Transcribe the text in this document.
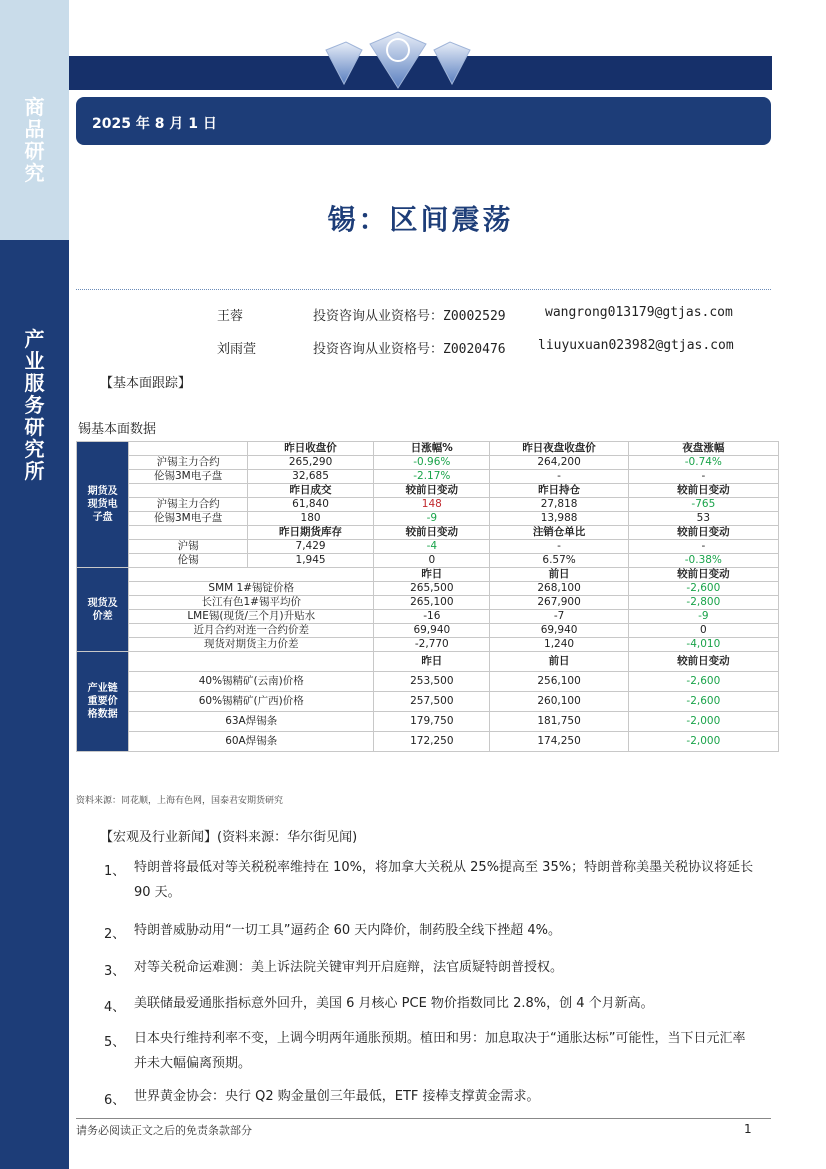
商
品
研
究
产
业
服
务
研
究
所
2025 年 8 月 1 日
锡：区间震荡
王蓉	投资咨询从业资格号：Z0002529	wangrong013179@gtjas.com
刘雨萱	投资咨询从业资格号：Z0020476 liuyuxuan023982@gtjas.com
【基本面跟踪】
锡基本面数据
期货及现货电子盘		昨日收盘价	日涨幅%	昨日夜盘收盘价	夜盘涨幅
	沪锡主力合约	265,290	-0.96%	264,200	-0.74%
	伦锡3M电子盘	32,685	-2.17%	-	-
		昨日成交	较前日变动	昨日持仓	较前日变动
	沪锡主力合约	61,840	148	27,818	-765
	伦锡3M电子盘	180	-9	13,988	53
		昨日期货库存	较前日变动	注销仓单比	较前日变动
	沪锡	7,429	-4	-	-
	伦锡	1,945	0	6.57%	-0.38%
现货及价差			昨日	前日	较前日变动
	SMM 1#锡锭价格		265,500	268,100	-2,600
	长江有色1#锡平均价		265,100	267,900	-2,800
	LME锡(现货/三个月)升贴水		-16	-7	-9
	近月合约对连一合约价差		69,940	69,940	0
	现货对期货主力价差		-2,770	1,240	-4,010
产业链重要价格数据			昨日	前日	较前日变动
	40%锡精矿(云南)价格		253,500	256,100	-2,600
	60%锡精矿(广西)价格		257,500	260,100	-2,600
	63A焊锡条		179,750	181,750	-2,000
	60A焊锡条		172,250	174,250	-2,000
资料来源：同花顺，上海有色网，国泰君安期货研究
【宏观及行业新闻】(资料来源：华尔街见闻)
1、 特朗普将最低对等关税税率维持在 10%，将加拿大关税从 25%提高至 35%；特朗普称美墨关税协议将延长 90 天。
2、 特朗普威胁动用“一切工具”逼药企 60 天内降价，制药股全线下挫超 4%。
3、 对等关税命运难测：美上诉法院关键审判开启庭辩，法官质疑特朗普授权。
4、 美联储最爱通胀指标意外回升，美国 6 月核心 PCE 物价指数同比 2.8%，创 4 个月新高。
5、 日本央行维持利率不变，上调今明两年通胀预期。植田和男：加息取决于“通胀达标”可能性，当下日元汇率并未大幅偏离预期。
6、 世界黄金协会：央行 Q2 购金量创三年最低，ETF 接棒支撑黄金需求。
请务必阅读正文之后的免责条款部分	1
